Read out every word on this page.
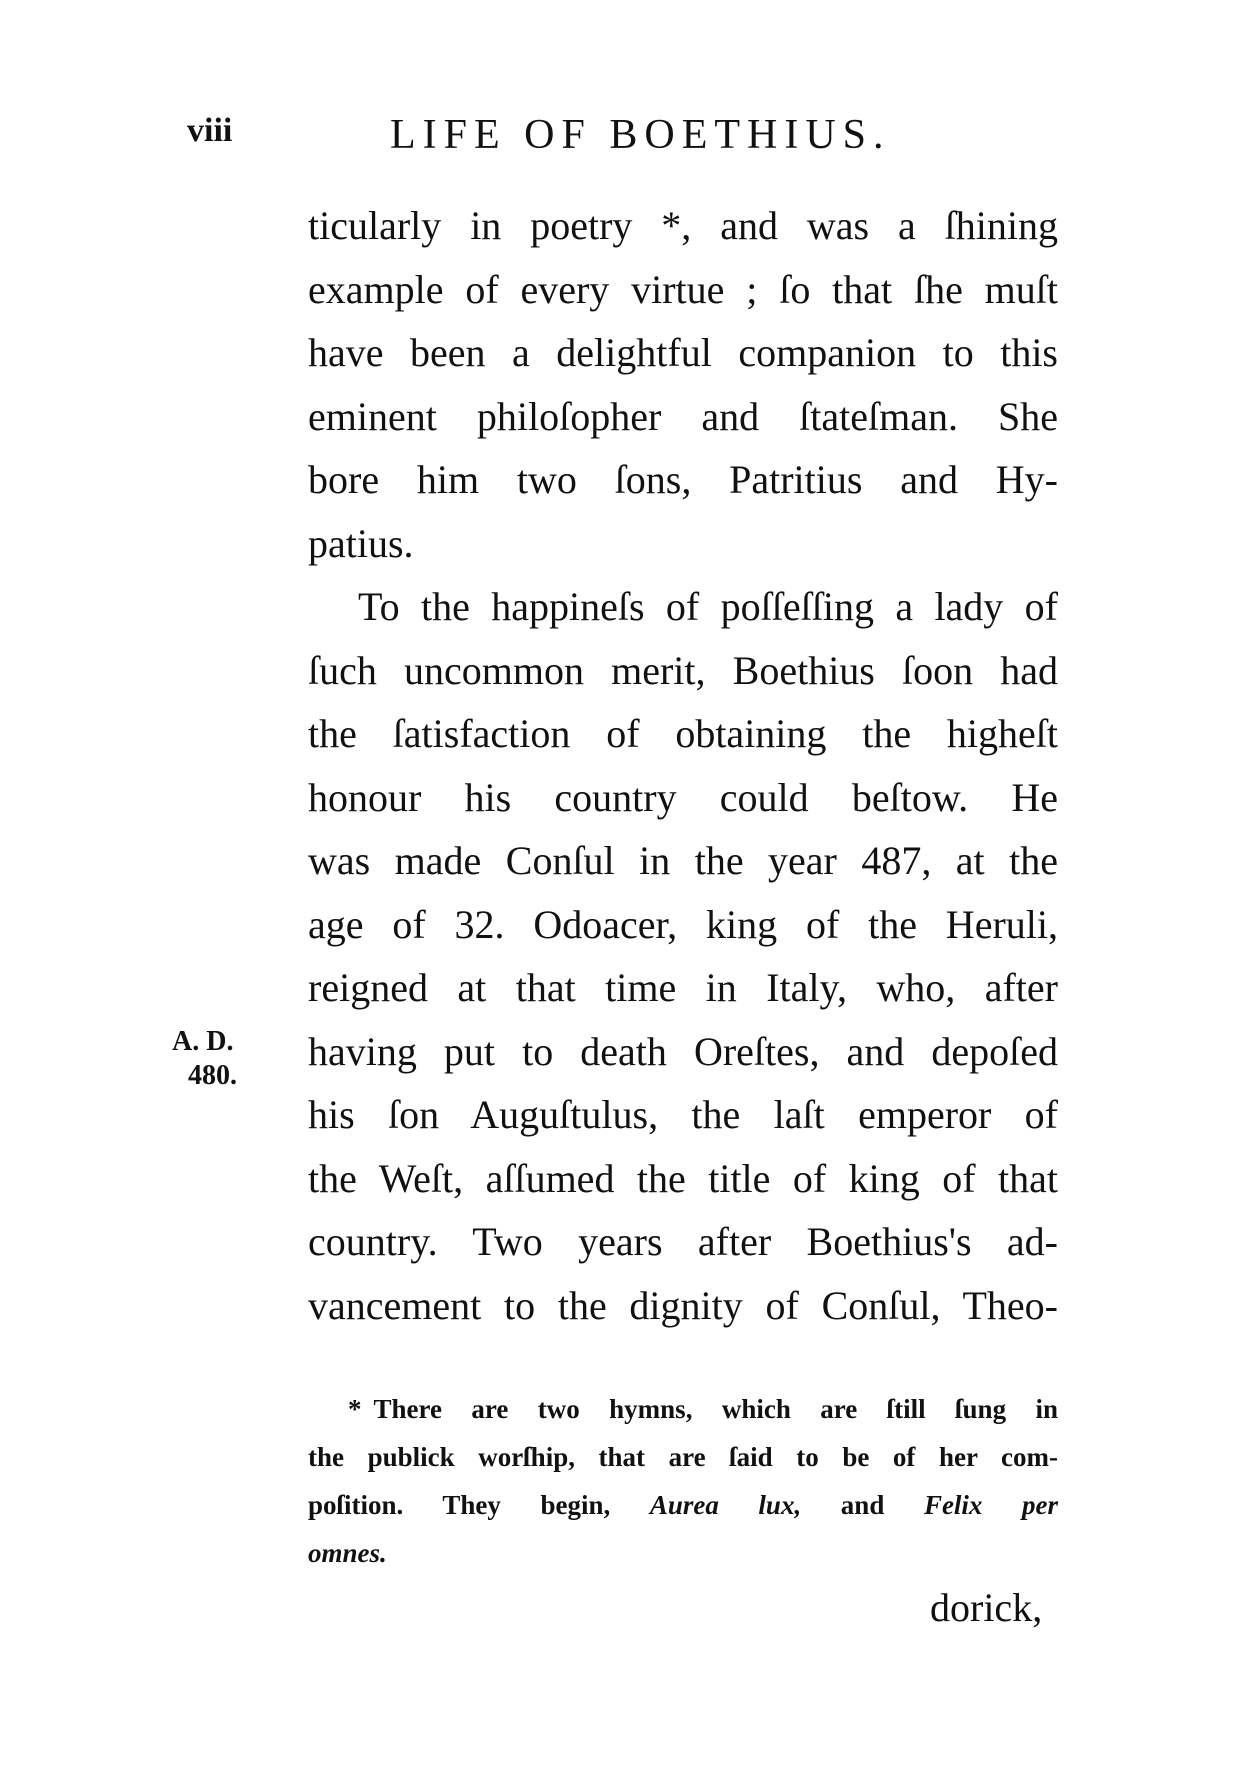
viii	LIFE OF BOETHIUS.
ticularly in poetry *, and was a ſhining
example of every virtue ; ſo that ſhe muſt
have been a delightful companion to this
eminent philoſopher and ſtateſman. She
bore him two ſons, Patritius and Hy-
patius.
To the happineſs of poſſeſſing a lady of
ſuch uncommon merit, Boethius ſoon had
the ſatisfaction of obtaining the higheſt
honour his country could beſtow. He
was made Conſul in the year 487, at the
age of 32. Odoacer, king of the Heruli,
reigned at that time in Italy, who, after
having put to death Oreſtes, and depoſed
his ſon Auguſtulus, the laſt emperor of
the Weſt, aſſumed the title of king of that
country. Two years after Boethius's ad-
vancement to the dignity of Conſul, Theo-
A. D.
480.
* There are two hymns, which are ſtill ſung in
the publick worſhip, that are ſaid to be of her com-
poſition. They begin, Aurea lux, and Felix per
omnes.
dorick,
